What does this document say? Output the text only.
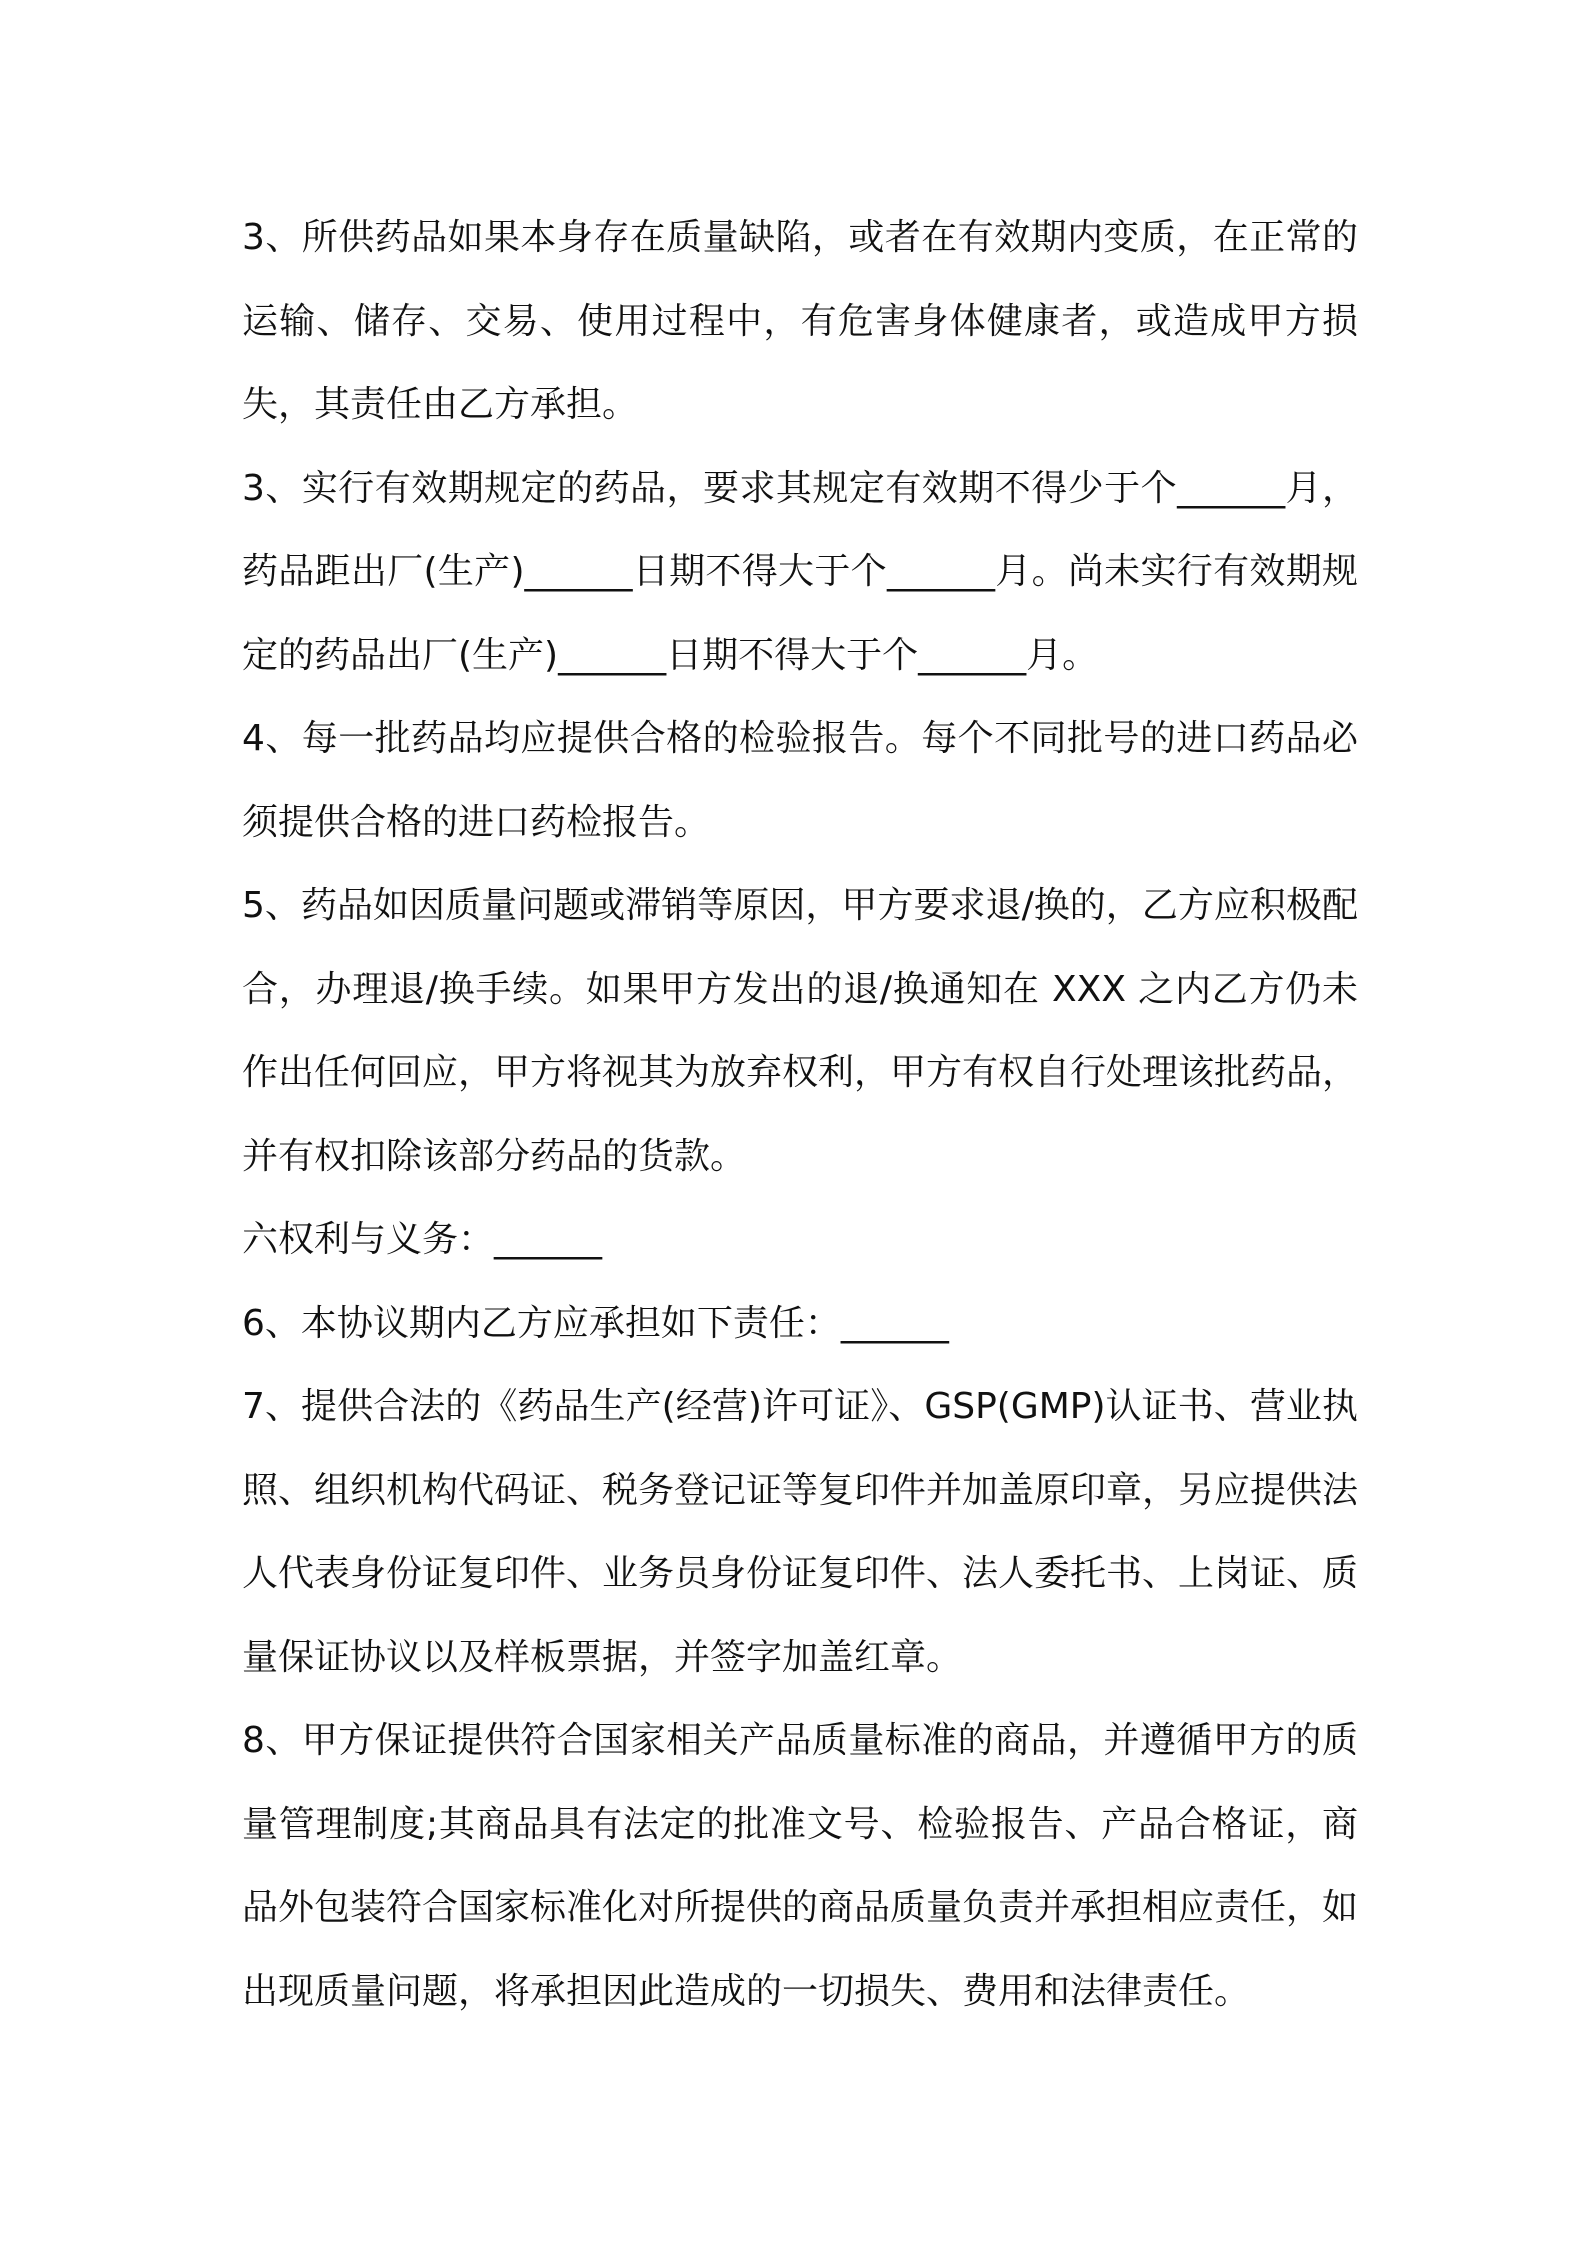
3、所供药品如果本身存在质量缺陷，或者在有效期内变质，在正常的运输、储存、交易、使用过程中，有危害身体健康者，或造成甲方损失，其责任由乙方承担。

3、实行有效期规定的药品，要求其规定有效期不得少于个______月，药品距出厂(生产)______日期不得大于个______月。尚未实行有效期规定的药品出厂(生产)______日期不得大于个______月。

4、每一批药品均应提供合格的检验报告。每个不同批号的进口药品必须提供合格的进口药检报告。

5、药品如因质量问题或滞销等原因，甲方要求退/换的，乙方应积极配合，办理退/换手续。如果甲方发出的退/换通知在 XXX 之内乙方仍未作出任何回应，甲方将视其为放弃权利，甲方有权自行处理该批药品，并有权扣除该部分药品的货款。

六权利与义务：______

6、本协议期内乙方应承担如下责任：______

7、提供合法的《药品生产(经营)许可证》、GSP(GMP)认证书、营业执照、组织机构代码证、税务登记证等复印件并加盖原印章，另应提供法人代表身份证复印件、业务员身份证复印件、法人委托书、上岗证、质量保证协议以及样板票据，并签字加盖红章。

8、甲方保证提供符合国家相关产品质量标准的商品，并遵循甲方的质量管理制度;其商品具有法定的批准文号、检验报告、产品合格证，商品外包装符合国家标准化对所提供的商品质量负责并承担相应责任，如出现质量问题，将承担因此造成的一切损失、费用和法律责任。
